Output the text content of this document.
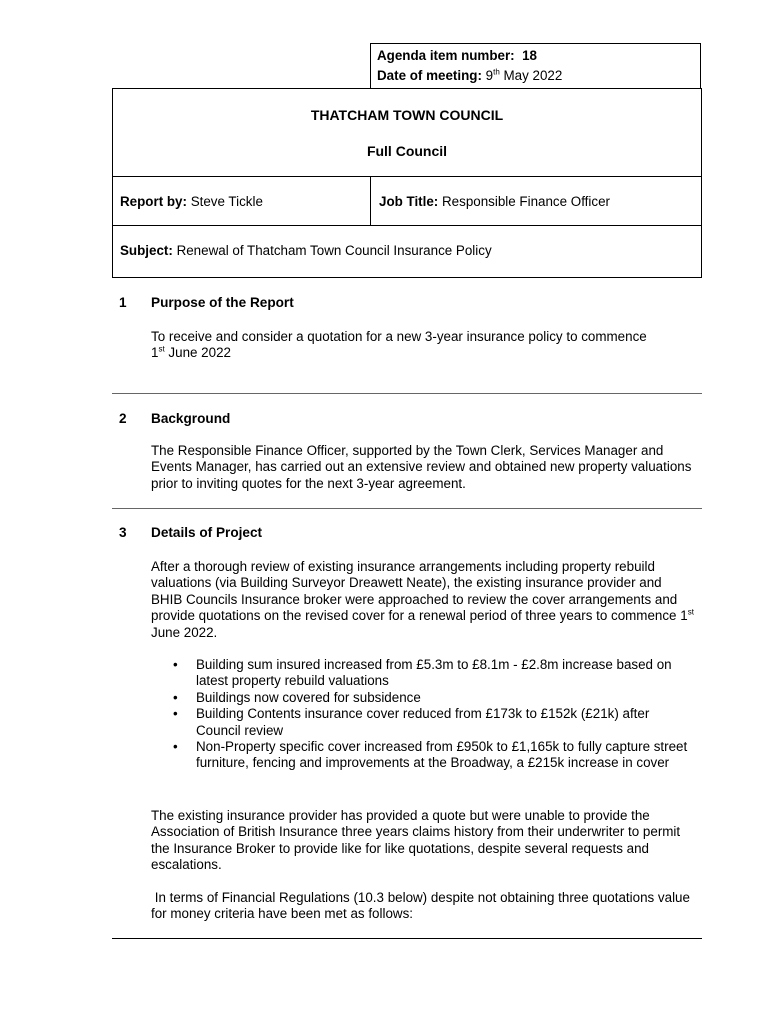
Agenda item number: 18
Date of meeting: 9th May 2022
THATCHAM TOWN COUNCIL
Full Council
Report by: Steve Tickle	Job Title: Responsible Finance Officer
Subject: Renewal of Thatcham Town Council Insurance Policy
1 Purpose of the Report
To receive and consider a quotation for a new 3-year insurance policy to commence
1st June 2022
2 Background
The Responsible Finance Officer, supported by the Town Clerk, Services Manager and Events Manager, has carried out an extensive review and obtained new property valuations prior to inviting quotes for the next 3-year agreement.
3 Details of Project
After a thorough review of existing insurance arrangements including property rebuild valuations (via Building Surveyor Dreawett Neate), the existing insurance provider and BHIB Councils Insurance broker were approached to review the cover arrangements and provide quotations on the revised cover for a renewal period of three years to commence 1st June 2022.
• Building sum insured increased from £5.3m to £8.1m - £2.8m increase based on latest property rebuild valuations
• Buildings now covered for subsidence
• Building Contents insurance cover reduced from £173k to £152k (£21k) after Council review
• Non-Property specific cover increased from £950k to £1,165k to fully capture street furniture, fencing and improvements at the Broadway, a £215k increase in cover
The existing insurance provider has provided a quote but were unable to provide the Association of British Insurance three years claims history from their underwriter to permit the Insurance Broker to provide like for like quotations, despite several requests and escalations.
In terms of Financial Regulations (10.3 below) despite not obtaining three quotations value for money criteria have been met as follows:
